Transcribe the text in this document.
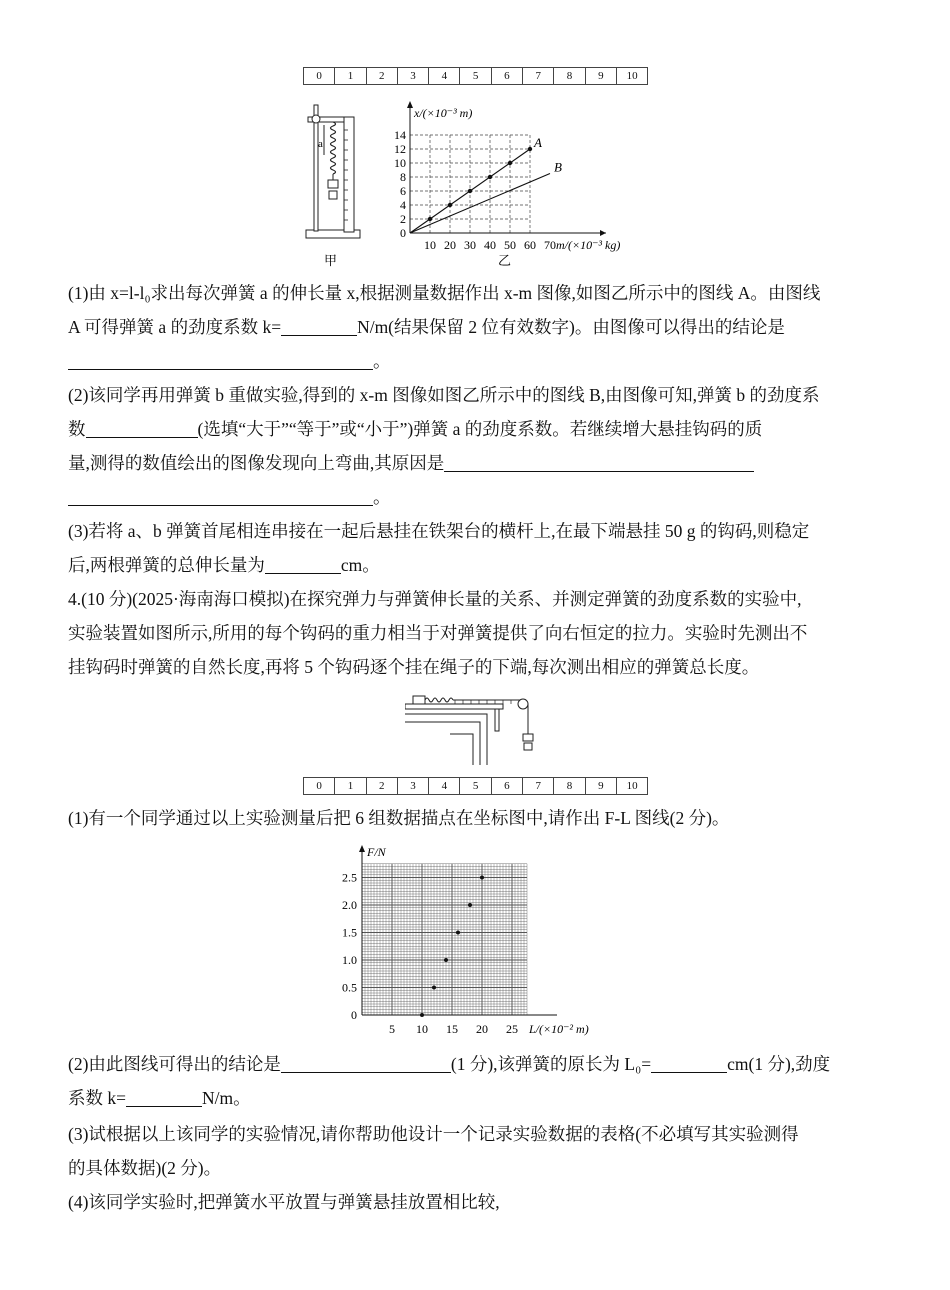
0	1	2	3	4	5	6	7	8	9	10
a
甲
10 20 30 40 50 60 70
0
2
4
6
8
10
12
14
x/(×10⁻³ m)
m/(×10⁻³ kg)
A
B
乙
(1)由 x=l-l₀求出每次弹簧 a 的伸长量 x,根据测量数据作出 x-m 图像,如图乙所示中的图线 A。由图线
A 可得弹簧 a 的劲度系数 k=	N/m(结果保留 2 位有效数字)。由图像可以得出的结论是
。
(2)该同学再用弹簧 b 重做实验,得到的 x-m 图像如图乙所示中的图线 B,由图像可知,弹簧 b 的劲度系
数	(选填“大于”“等于”或“小于”)弹簧 a 的劲度系数。若继续增大悬挂钩码的质
量,测得的数值绘出的图像发现向上弯曲,其原因是
。
(3)若将 a、b 弹簧首尾相连串接在一起后悬挂在铁架台的横杆上,在最下端悬挂 50 g 的钩码,则稳定
后,两根弹簧的总伸长量为	cm。
4.(10 分)(2025·海南海口模拟)在探究弹力与弹簧伸长量的关系、并测定弹簧的劲度系数的实验中,
实验装置如图所示,所用的每个钩码的重力相当于对弹簧提供了向右恒定的拉力。实验时先测出不
挂钩码时弹簧的自然长度,再将 5 个钩码逐个挂在绳子的下端,每次测出相应的弹簧总长度。
0	1	2	3	4	5	6	7	8	9	10
(1)有一个同学通过以上实验测量后把 6 组数据描点在坐标图中,请作出 F-L 图线(2 分)。
5 10 15 20 25
0
0.5
1.0
1.5
2.0
2.5
F/N
L/(×10⁻² m)
(2)由此图线可得出的结论是	(1 分),该弹簧的原长为 L₀=	cm(1 分),劲度
系数 k=	N/m。
(3)试根据以上该同学的实验情况,请你帮助他设计一个记录实验数据的表格(不必填写其实验测得
的具体数据)(2 分)。
(4)该同学实验时,把弹簧水平放置与弹簧悬挂放置相比较,
